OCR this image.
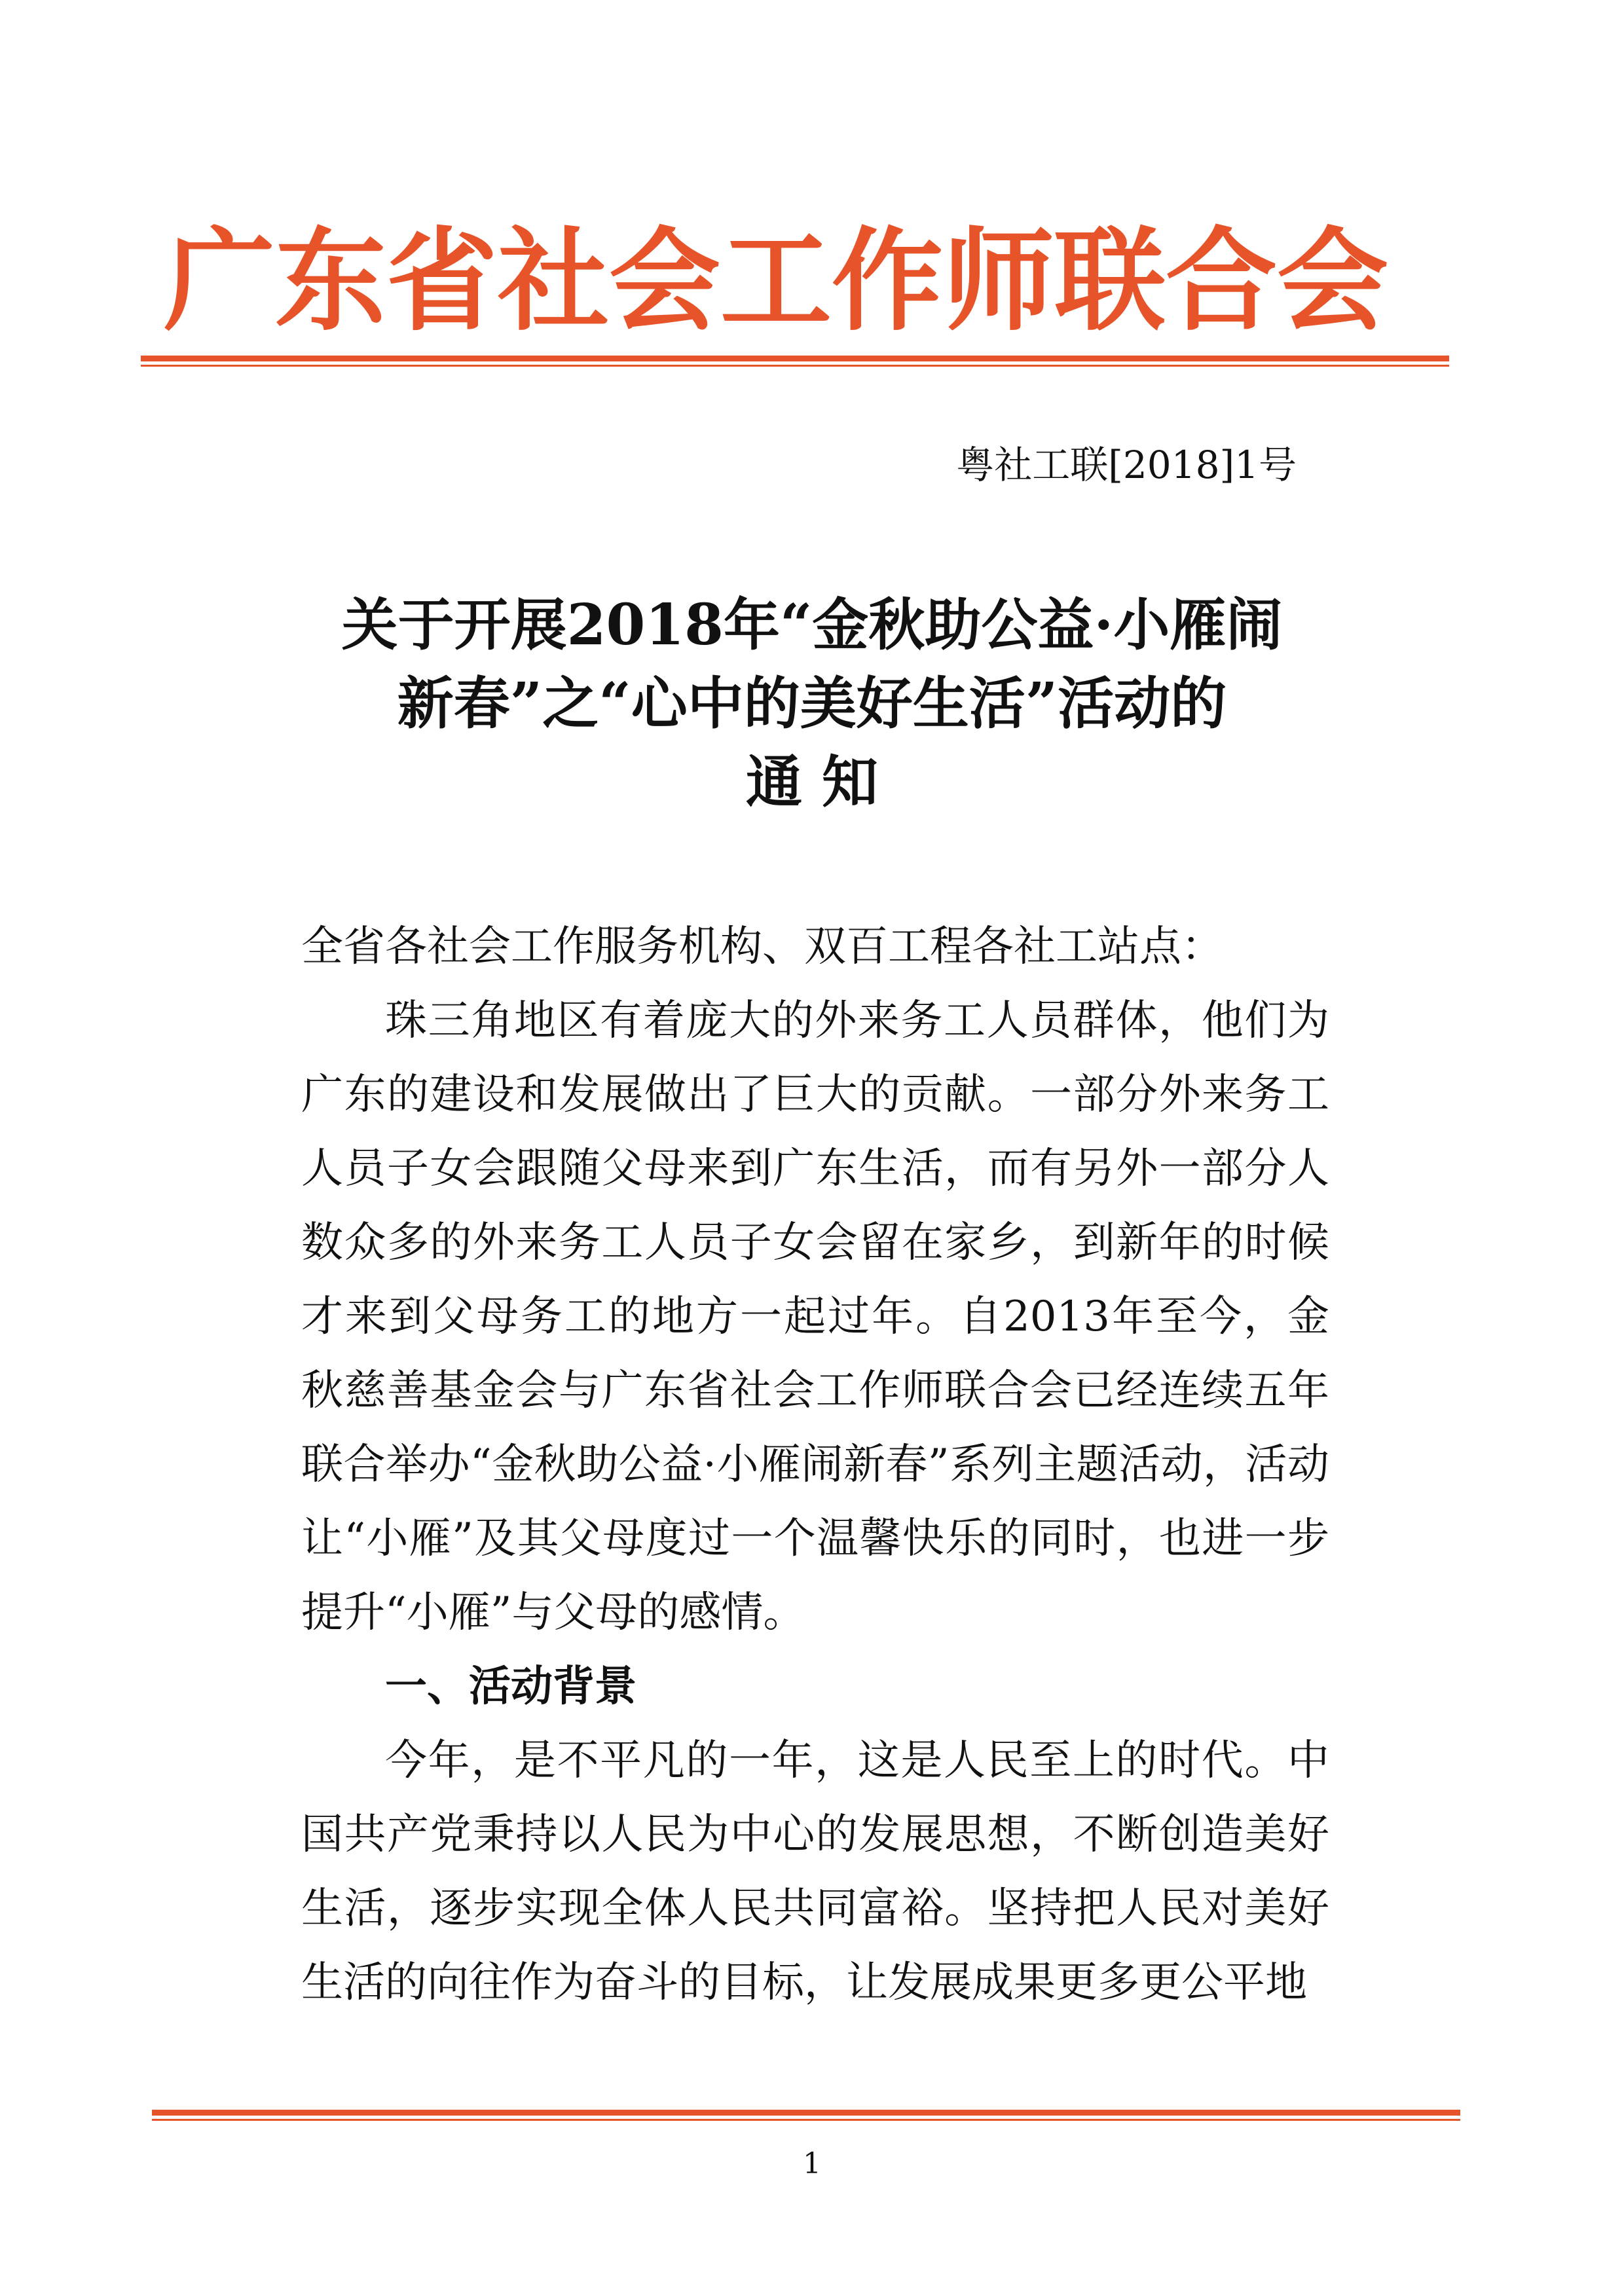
广东省社会工作师联合会
粤社工联[2018]1号
关于开展2018年“金秋助公益·小雁闹
新春”之“心中的美好生活”活动的
通 知

全省各社会工作服务机构、双百工程各社工站点：

珠三角地区有着庞大的外来务工人员群体，他们为广东的建设和发展做出了巨大的贡献。一部分外来务工人员子女会跟随父母来到广东生活，而有另外一部分人数众多的外来务工人员子女会留在家乡，到新年的时候才来到父母务工的地方一起过年。自2013年至今，金秋慈善基金会与广东省社会工作师联合会已经连续五年联合举办“金秋助公益·小雁闹新春”系列主题活动，活动让“小雁”及其父母度过一个温馨快乐的同时，也进一步提升“小雁”与父母的感情。

一、活动背景

今年，是不平凡的一年，这是人民至上的时代。中国共产党秉持以人民为中心的发展思想，不断创造美好生活，逐步实现全体人民共同富裕。坚持把人民对美好生活的向往作为奋斗的目标，让发展成果更多更公平地

1
